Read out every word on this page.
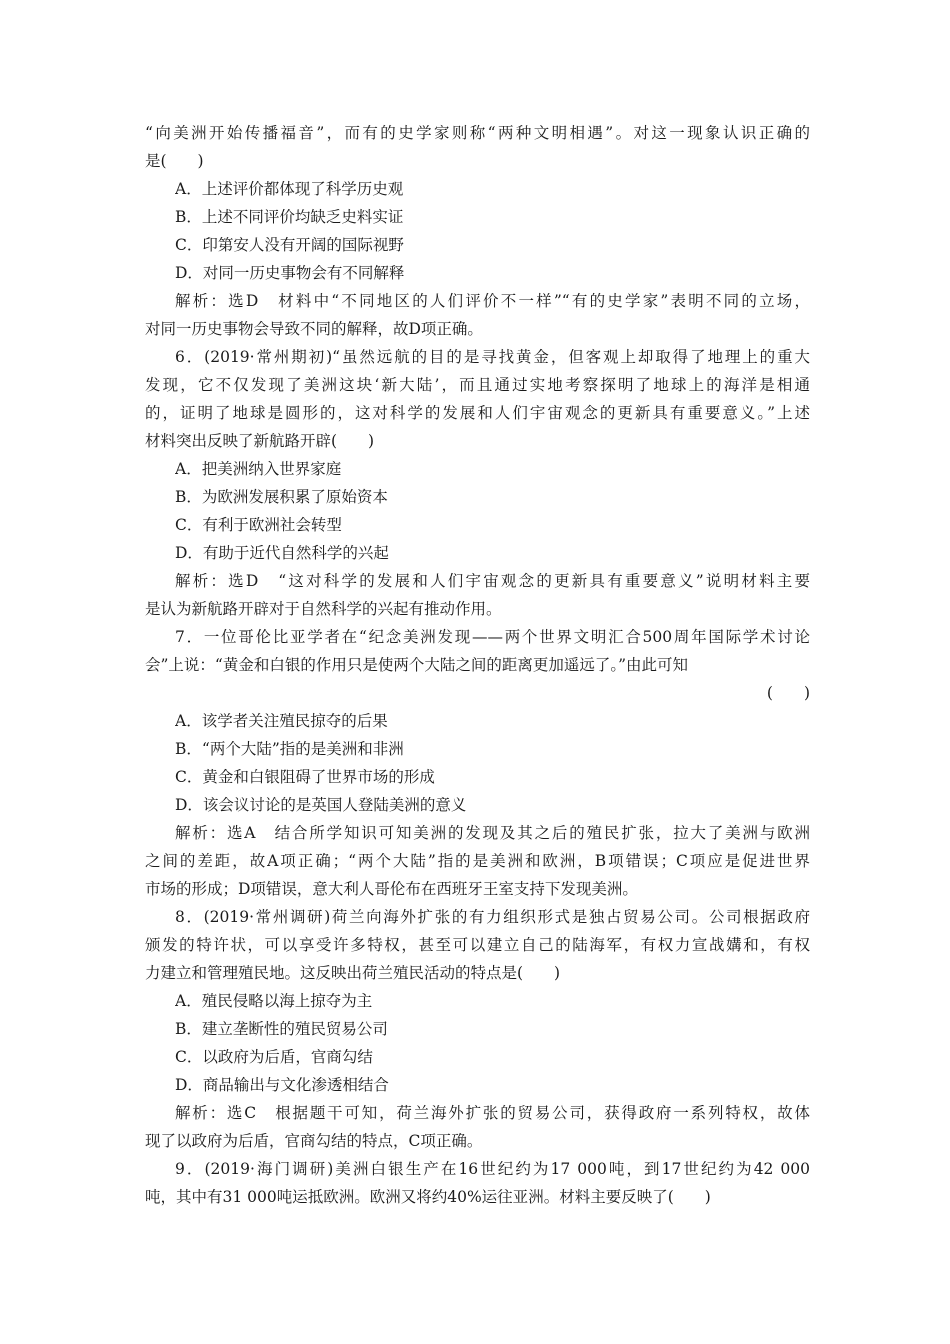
“向美洲开始传播福音”，而有的史学家则称“两种文明相遇”。对这一现象认识正确的
是(　　)
A．上述评价都体现了科学历史观
B．上述不同评价均缺乏史料实证
C．印第安人没有开阔的国际视野
D．对同一历史事物会有不同解释
解析：选D　材料中“不同地区的人们评价不一样”“有的史学家”表明不同的立场，
对同一历史事物会导致不同的解释，故D项正确。
6．(2019·常州期初)“虽然远航的目的是寻找黄金，但客观上却取得了地理上的重大
发现，它不仅发现了美洲这块‘新大陆’，而且通过实地考察探明了地球上的海洋是相通
的，证明了地球是圆形的，这对科学的发展和人们宇宙观念的更新具有重要意义。”上述
材料突出反映了新航路开辟(　　)
A．把美洲纳入世界家庭
B．为欧洲发展积累了原始资本
C．有利于欧洲社会转型
D．有助于近代自然科学的兴起
解析：选D　“这对科学的发展和人们宇宙观念的更新具有重要意义”说明材料主要
是认为新航路开辟对于自然科学的兴起有推动作用。
7．一位哥伦比亚学者在“纪念美洲发现——两个世界文明汇合500周年国际学术讨论
会”上说：“黄金和白银的作用只是使两个大陆之间的距离更加遥远了。”由此可知
(　　)
A．该学者关注殖民掠夺的后果
B．“两个大陆”指的是美洲和非洲
C．黄金和白银阻碍了世界市场的形成
D．该会议讨论的是英国人登陆美洲的意义
解析：选A　结合所学知识可知美洲的发现及其之后的殖民扩张，拉大了美洲与欧洲
之间的差距，故A项正确；“两个大陆”指的是美洲和欧洲，B项错误；C项应是促进世界
市场的形成；D项错误，意大利人哥伦布在西班牙王室支持下发现美洲。
8．(2019·常州调研)荷兰向海外扩张的有力组织形式是独占贸易公司。公司根据政府
颁发的特许状，可以享受许多特权，甚至可以建立自己的陆海军，有权力宣战媾和，有权
力建立和管理殖民地。这反映出荷兰殖民活动的特点是(　　)
A．殖民侵略以海上掠夺为主
B．建立垄断性的殖民贸易公司
C．以政府为后盾，官商勾结
D．商品输出与文化渗透相结合
解析：选C　根据题干可知，荷兰海外扩张的贸易公司，获得政府一系列特权，故体
现了以政府为后盾，官商勾结的特点，C项正确。
9．(2019·海门调研)美洲白银生产在16世纪约为17 000吨，到17世纪约为42 000
吨，其中有31 000吨运抵欧洲。欧洲又将约40%运往亚洲。材料主要反映了(　　)
